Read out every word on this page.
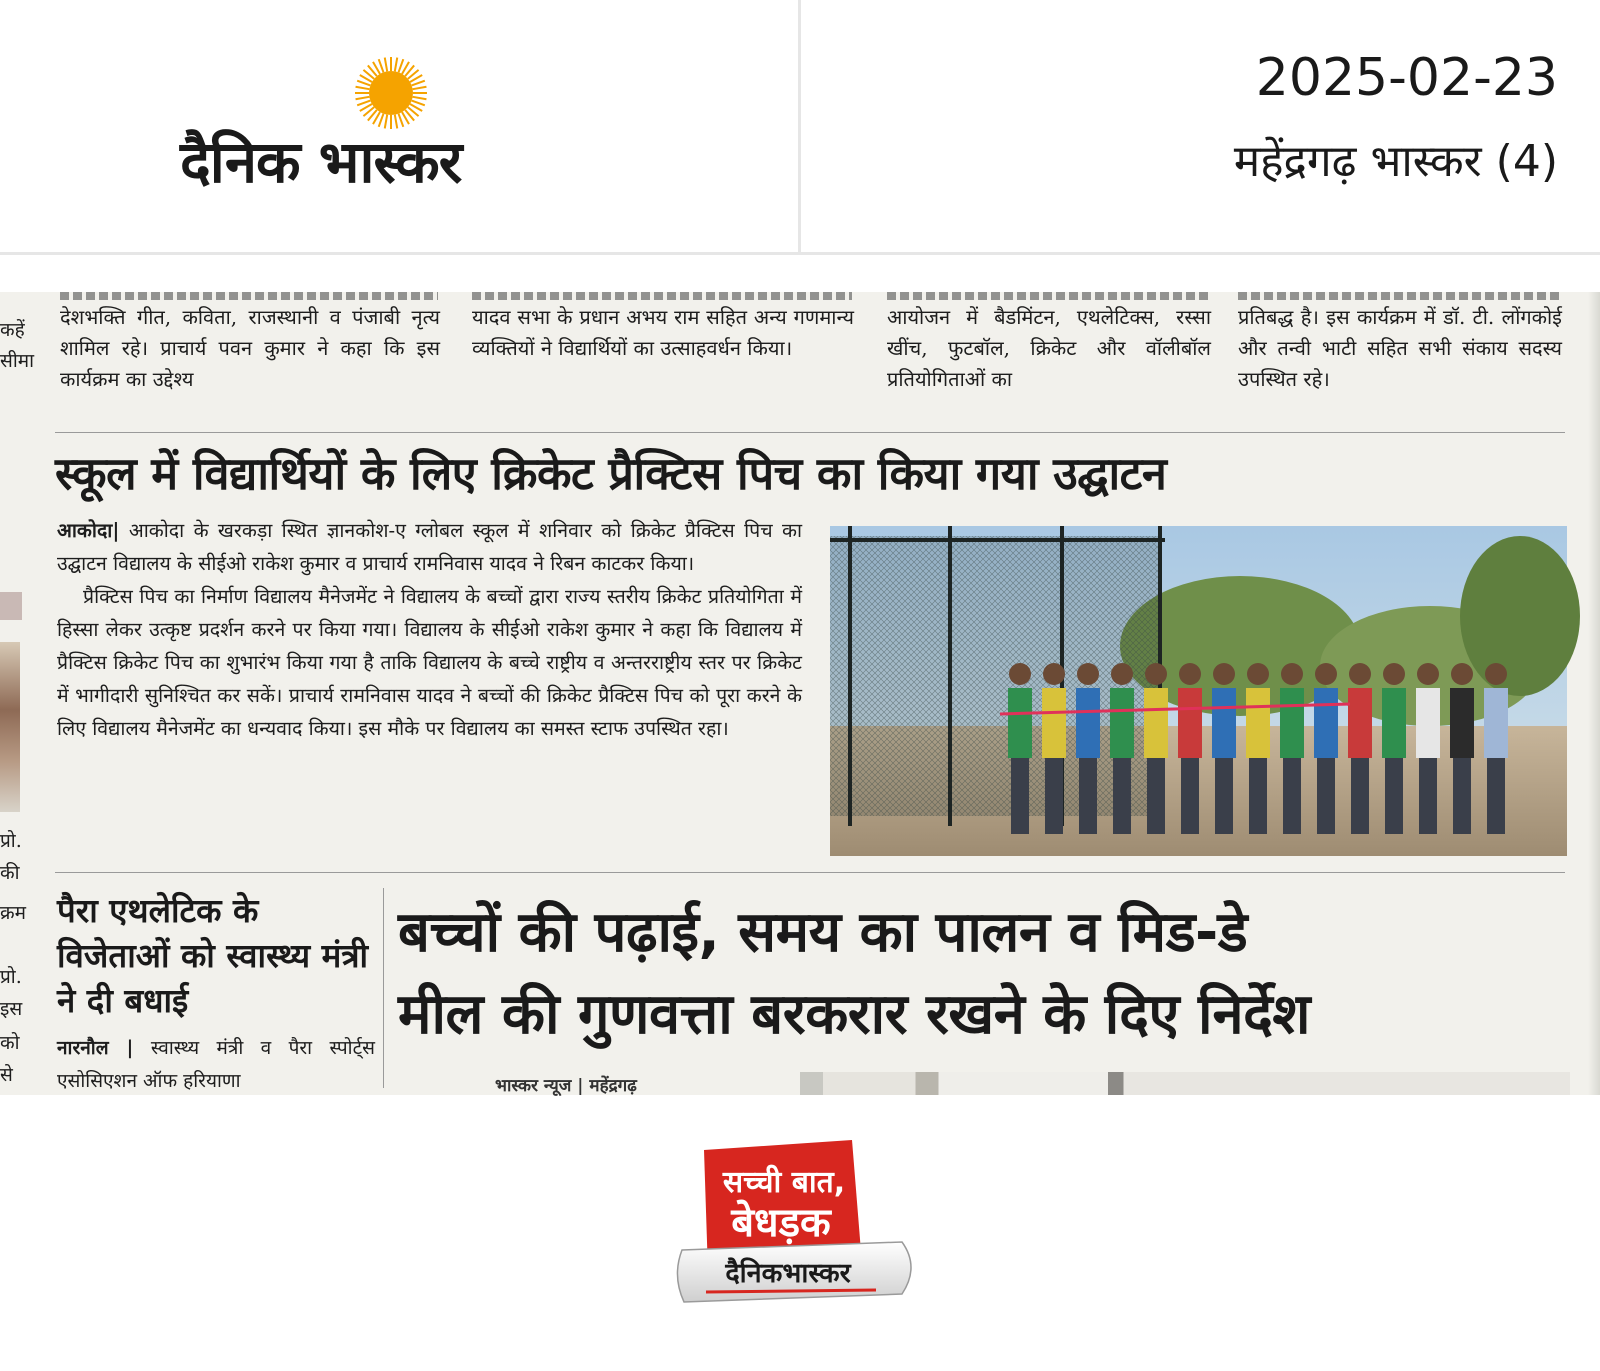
दैनिक भास्कर
2025-02-23
महेंद्रगढ़ भास्कर (4)
कहें
सीमा
प्रो.
की
क्रम
प्रो.
इस
को
से
देशभक्ति गीत, कविता, राजस्थानी व पंजाबी नृत्य शामिल रहे। प्राचार्य पवन कुमार ने कहा कि इस कार्यक्रम का उद्देश्य
यादव सभा के प्रधान अभय राम सहित अन्य गणमान्य व्यक्तियों ने विद्यार्थियों का उत्साहवर्धन किया।
आयोजन में बैडमिंटन, एथलेटिक्स, रस्सा खींच, फुटबॉल, क्रिकेट और वॉलीबॉल प्रतियोगिताओं का
प्रतिबद्ध है। इस कार्यक्रम में डॉ. टी. लोंगकोई और तन्वी भाटी सहित सभी संकाय सदस्य उपस्थित रहे।
स्कूल में विद्यार्थियों के लिए क्रिकेट प्रैक्टिस पिच का किया गया उद्घाटन

आकोदा| आकोदा के खरकड़ा स्थित ज्ञानकोश-ए ग्लोबल स्कूल में शनिवार को क्रिकेट प्रैक्टिस पिच का उद्घाटन विद्यालय के सीईओ राकेश कुमार व प्राचार्य रामनिवास यादव ने रिबन काटकर किया।

प्रैक्टिस पिच का निर्माण विद्यालय मैनेजमेंट ने विद्यालय के बच्चों द्वारा राज्य स्तरीय क्रिकेट प्रतियोगिता में हिस्सा लेकर उत्कृष्ट प्रदर्शन करने पर किया गया। विद्यालय के सीईओ राकेश कुमार ने कहा कि विद्यालय में प्रैक्टिस क्रिकेट पिच का शुभारंभ किया गया है ताकि विद्यालय के बच्चे राष्ट्रीय व अन्तरराष्ट्रीय स्तर पर क्रिकेट में भागीदारी सुनिश्चित कर सकें। प्राचार्य रामनिवास यादव ने बच्चों की क्रिकेट प्रैक्टिस पिच को पूरा करने के लिए विद्यालय मैनेजमेंट का धन्यवाद किया। इस मौके पर विद्यालय का समस्त स्टाफ उपस्थित रहा।

पैरा एथलेटिक के विजेताओं को स्वास्थ्य मंत्री ने दी बधाई
नारनौल | स्वास्थ्य मंत्री व पैरा स्पोर्ट्स एसोसिएशन ऑफ हरियाणा
बच्चों की पढ़ाई, समय का पालन व मिड-डे
मील की गुणवत्ता बरकरार रखने के दिए निर्देश
भास्कर न्यूज | महेंद्रगढ़
सच्ची बात,
बेधड़क
दैनिकभास्कर
